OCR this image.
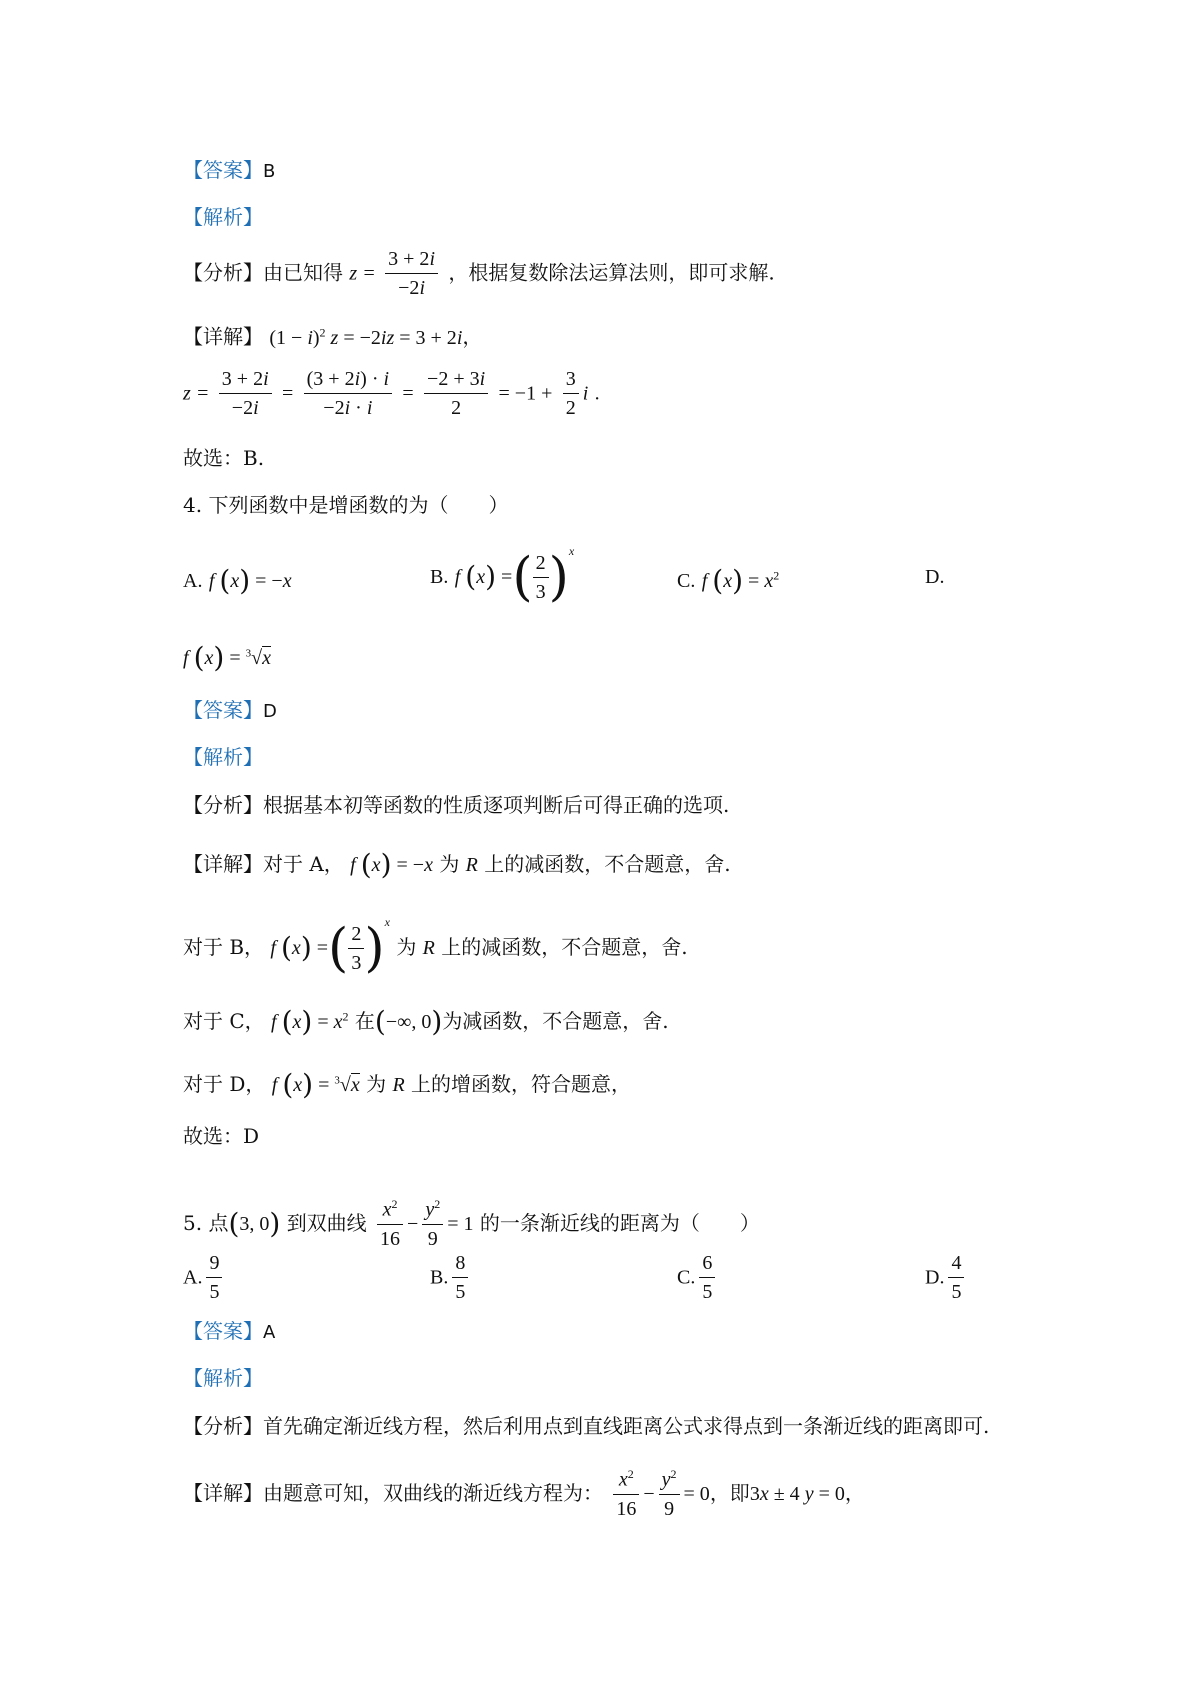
【答案】B
【解析】
【分析】由已知得 $z = \frac{3 + 2i}{-2i}$ ，根据复数除法运算法则，即可求解.
【详解】 $(1 - i)^2$ z = −2iz = 3 + 2i，
$z = \frac{3 + 2i}{-2i} = \frac{(3 + 2i) \cdot i}{-2i \cdot i} = \frac{-2 + 3i}{2} = -1 + \frac{3}{2}$ i .
故选：B.
4. 下列函数中是增函数的为（　　）
A. f (x) = −x	B. f (x) =( $\frac{2}{3} )^x$
C. f $(x) = x^2$	D.
f (x) = $^3$√x
【答案】D
【解析】
【分析】根据基本初等函数的性质逐项判断后可得正确的选项.
【详解】对于 A， f (x) = −x 为 R 上的减函数，不合题意，舍.
对于 B， f (x) =( $\frac{2}{3} )^x$ 为 R 上的减函数，不合题意，舍.
对于 C， f $(x) = x^2$ 在(−∞, 0)为减函数，不合题意，舍.
对于 D， f (x) = $^3$√x 为 R 上的增函数，符合题意，
故选：D
5. 点(3, 0) 到双曲线 $\frac{x^2}{16} - \frac{y^2}{9} = 1$ 的一条渐近线的距离为（　　）
A. $\frac{9}{5}$	B. $\frac{8}{5}$	C. $\frac{6}{5}$	D. $\frac{4}{5}$
【答案】A
【解析】
【分析】首先确定渐近线方程，然后利用点到直线距离公式求得点到一条渐近线的距离即可.
【详解】由题意可知，双曲线的渐近线方程为： $\frac{x^2}{16} - \frac{y^2}{9} = 0$，即3x ± 4 y = 0，
